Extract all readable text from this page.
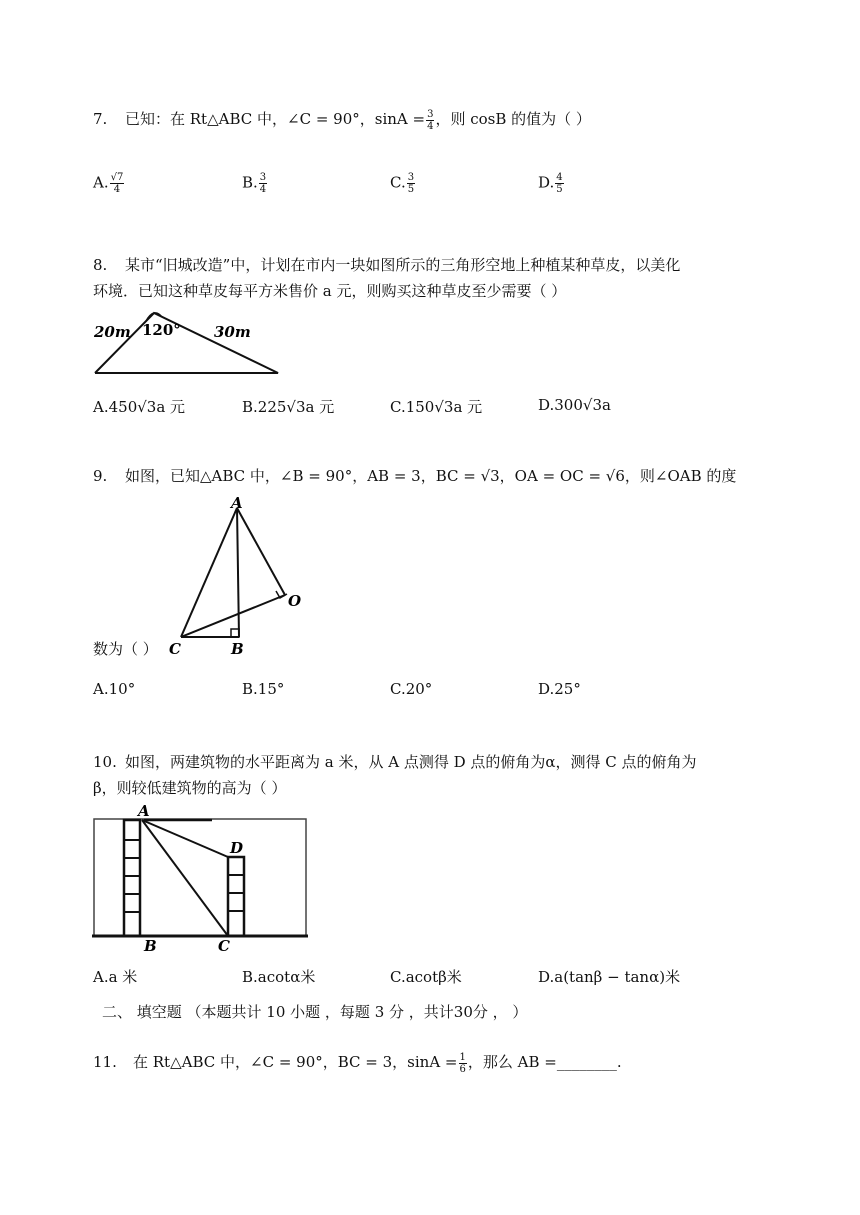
7. 已知：在 Rt△ABC 中，∠C = 90°，$\sin A = \frac{3}{4}$ ，则 cosB 的值为（ ）
A. $\frac{√7}{4}$	B. $\frac{3}{4}$	C. $\frac{3}{5}$	D. $\frac{4}{5}$
8. 某市“旧城改造”中，计划在市内一块如图所示的三角形空地上种植某种草皮，以美化
环境．已知这种草皮每平方米售价 a 元，则购买这种草皮至少需要（ ）
20m 120° 30m
A.450√3a 元	B.225√3a 元	C.150√3a 元	D.300√3a
9. 如图，已知△ABC 中，∠B = 90°，AB = 3，BC = √3，OA = OC = √6，则∠OAB 的度
A
B
C
O
数为（ ）
A.10°	B.15°	C.20°	D.25°
10. 如图，两建筑物的水平距离为 a 米，从 A 点测得 D 点的俯角为α，测得 C 点的俯角为
β，则较低建筑物的高为（ ）
A
B	C
D
A.a 米	B.acotα米	C.acotβ米	D.a(tanβ − tanα)米
二、 填空题 （本题共计 10 小题 ，每题 3 分 ，共计30分 ， ）
11. 在 Rt△ABC 中，∠C = 90°，BC = 3，$\sin A = \frac{1}{6}$ ，那么 AB =________.
